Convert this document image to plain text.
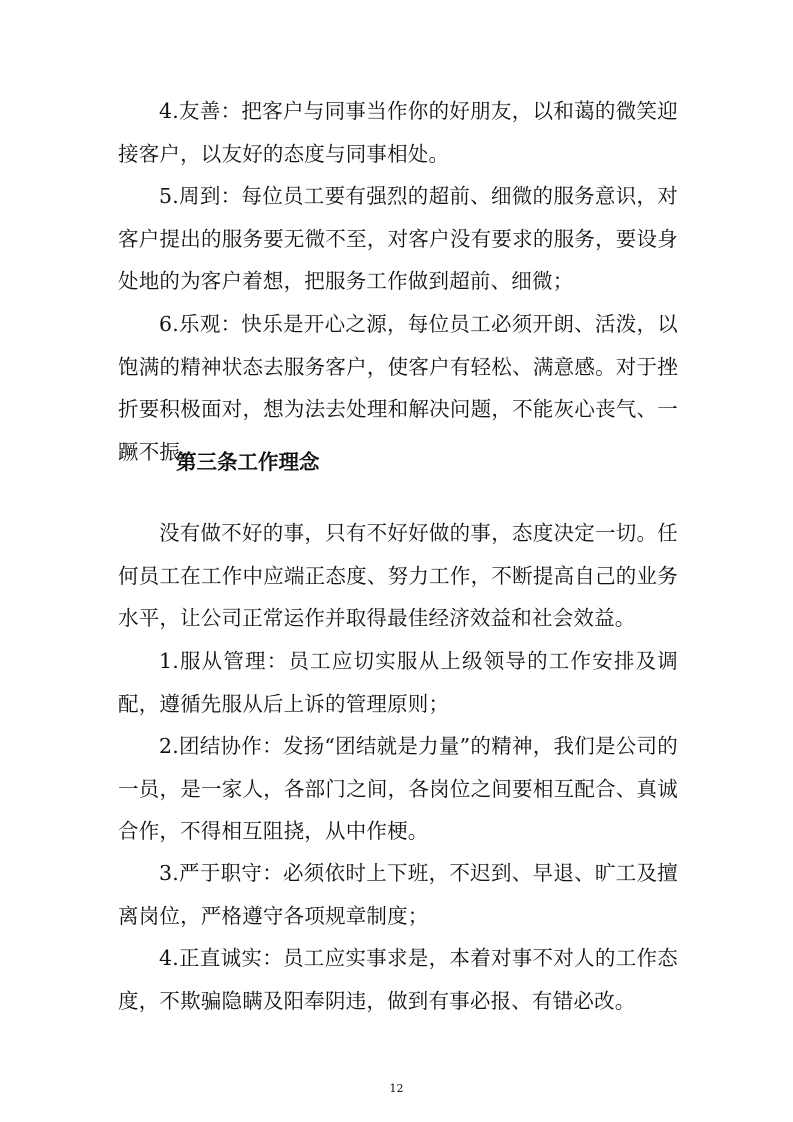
4.友善：把客户与同事当作你的好朋友，以和蔼的微笑迎接客户，以友好的态度与同事相处。

5.周到：每位员工要有强烈的超前、细微的服务意识，对客户提出的服务要无微不至，对客户没有要求的服务，要设身处地的为客户着想，把服务工作做到超前、细微；

6.乐观：快乐是开心之源，每位员工必须开朗、活泼，以饱满的精神状态去服务客户，使客户有轻松、满意感。对于挫折要积极面对，想为法去处理和解决问题，不能灰心丧气、一蹶不振。

第三条工作理念

没有做不好的事，只有不好好做的事，态度决定一切。任何员工在工作中应端正态度、努力工作，不断提高自己的业务水平，让公司正常运作并取得最佳经济效益和社会效益。

1.服从管理：员工应切实服从上级领导的工作安排及调配，遵循先服从后上诉的管理原则；

2.团结协作：发扬“团结就是力量”的精神，我们是公司的一员，是一家人，各部门之间，各岗位之间要相互配合、真诚合作，不得相互阻挠，从中作梗。

3.严于职守：必须依时上下班，不迟到、早退、旷工及擅离岗位，严格遵守各项规章制度；

4.正直诚实：员工应实事求是，本着对事不对人的工作态度，不欺骗隐瞒及阳奉阴违，做到有事必报、有错必改。

12
